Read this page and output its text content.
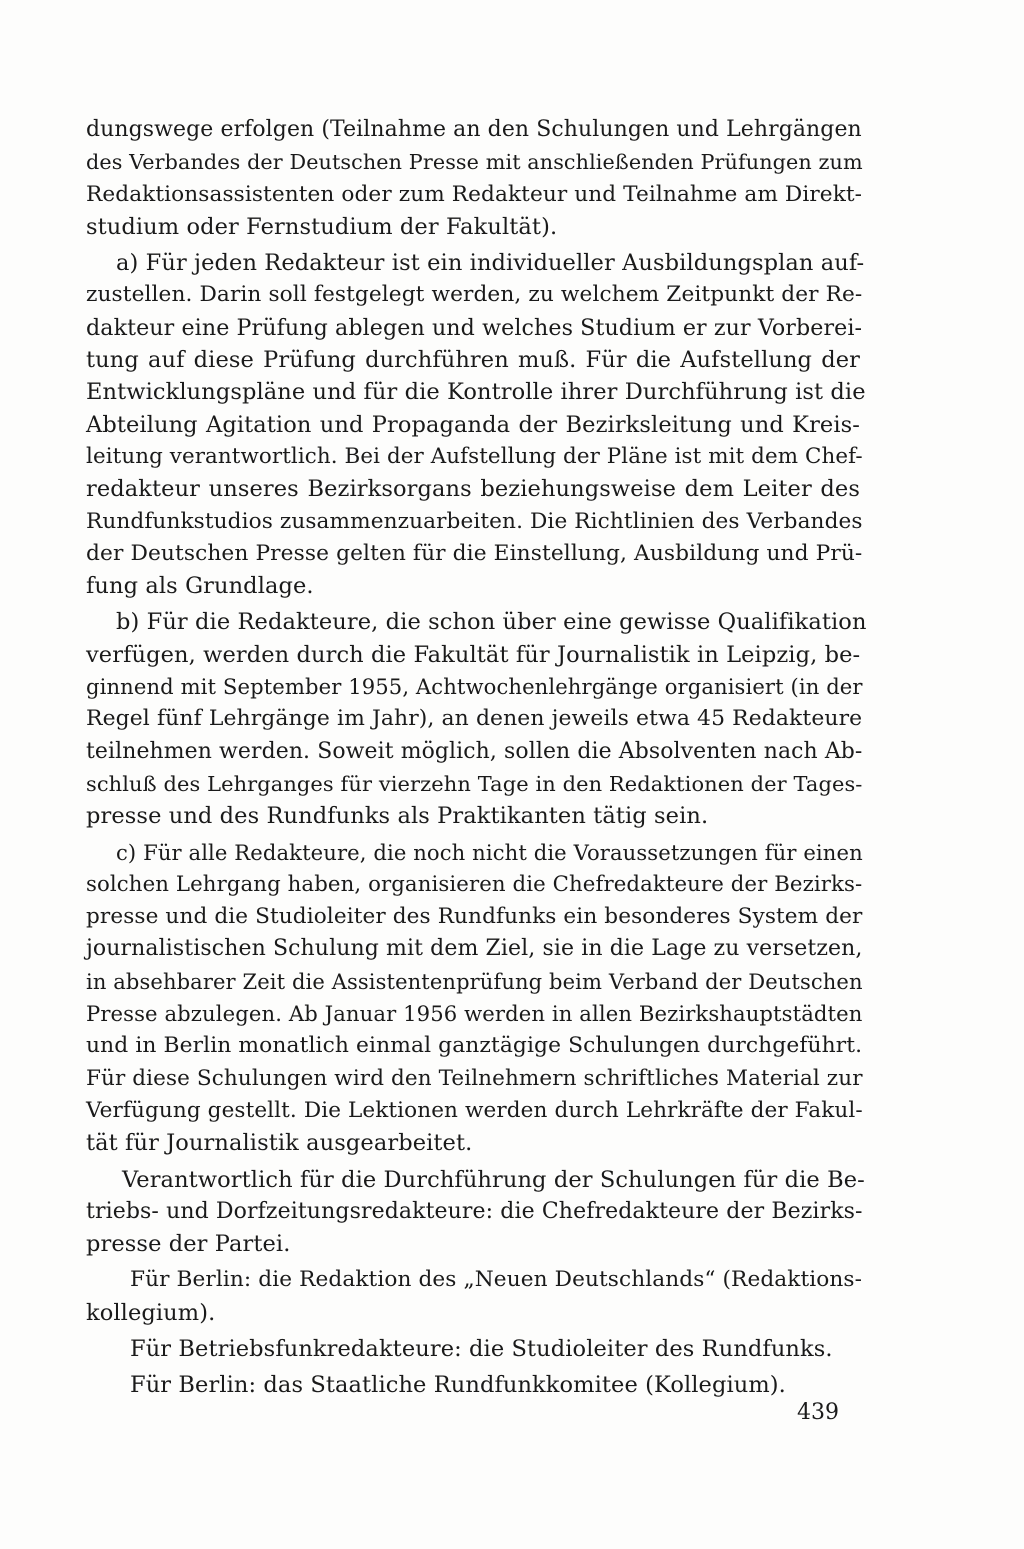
dungswege erfolgen (Teilnahme an den Schulungen und Lehrgängen
des Verbandes der Deutschen Presse mit anschließenden Prüfungen zum
Redaktionsassistenten oder zum Redakteur und Teilnahme am Direkt-
studium oder Fernstudium der Fakultät).
a) Für jeden Redakteur ist ein individueller Ausbildungsplan auf-
zustellen. Darin soll festgelegt werden, zu welchem Zeitpunkt der Re-
dakteur eine Prüfung ablegen und welches Studium er zur Vorberei-
tung auf diese Prüfung durchführen muß. Für die Aufstellung der
Entwicklungspläne und für die Kontrolle ihrer Durchführung ist die
Abteilung Agitation und Propaganda der Bezirksleitung und Kreis-
leitung verantwortlich. Bei der Aufstellung der Pläne ist mit dem Chef-
redakteur unseres Bezirksorgans beziehungsweise dem Leiter des
Rundfunkstudios zusammenzuarbeiten. Die Richtlinien des Verbandes
der Deutschen Presse gelten für die Einstellung, Ausbildung und Prü-
fung als Grundlage.
b) Für die Redakteure, die schon über eine gewisse Qualifikation
verfügen, werden durch die Fakultät für Journalistik in Leipzig, be-
ginnend mit September 1955, Achtwochenlehrgänge organisiert (in der
Regel fünf Lehrgänge im Jahr), an denen jeweils etwa 45 Redakteure
teilnehmen werden. Soweit möglich, sollen die Absolventen nach Ab-
schluß des Lehrganges für vierzehn Tage in den Redaktionen der Tages-
presse und des Rundfunks als Praktikanten tätig sein.
c) Für alle Redakteure, die noch nicht die Voraussetzungen für einen
solchen Lehrgang haben, organisieren die Chefredakteure der Bezirks-
presse und die Studioleiter des Rundfunks ein besonderes System der
journalistischen Schulung mit dem Ziel, sie in die Lage zu versetzen,
in absehbarer Zeit die Assistentenprüfung beim Verband der Deutschen
Presse abzulegen. Ab Januar 1956 werden in allen Bezirkshauptstädten
und in Berlin monatlich einmal ganztägige Schulungen durchgeführt.
Für diese Schulungen wird den Teilnehmern schriftliches Material zur
Verfügung gestellt. Die Lektionen werden durch Lehrkräfte der Fakul-
tät für Journalistik ausgearbeitet.
Verantwortlich für die Durchführung der Schulungen für die Be-
triebs- und Dorfzeitungsredakteure: die Chefredakteure der Bezirks-
presse der Partei.
Für Berlin: die Redaktion des „Neuen Deutschlands“ (Redaktions-
kollegium).
Für Betriebsfunkredakteure: die Studioleiter des Rundfunks.
Für Berlin: das Staatliche Rundfunkkomitee (Kollegium).
439
